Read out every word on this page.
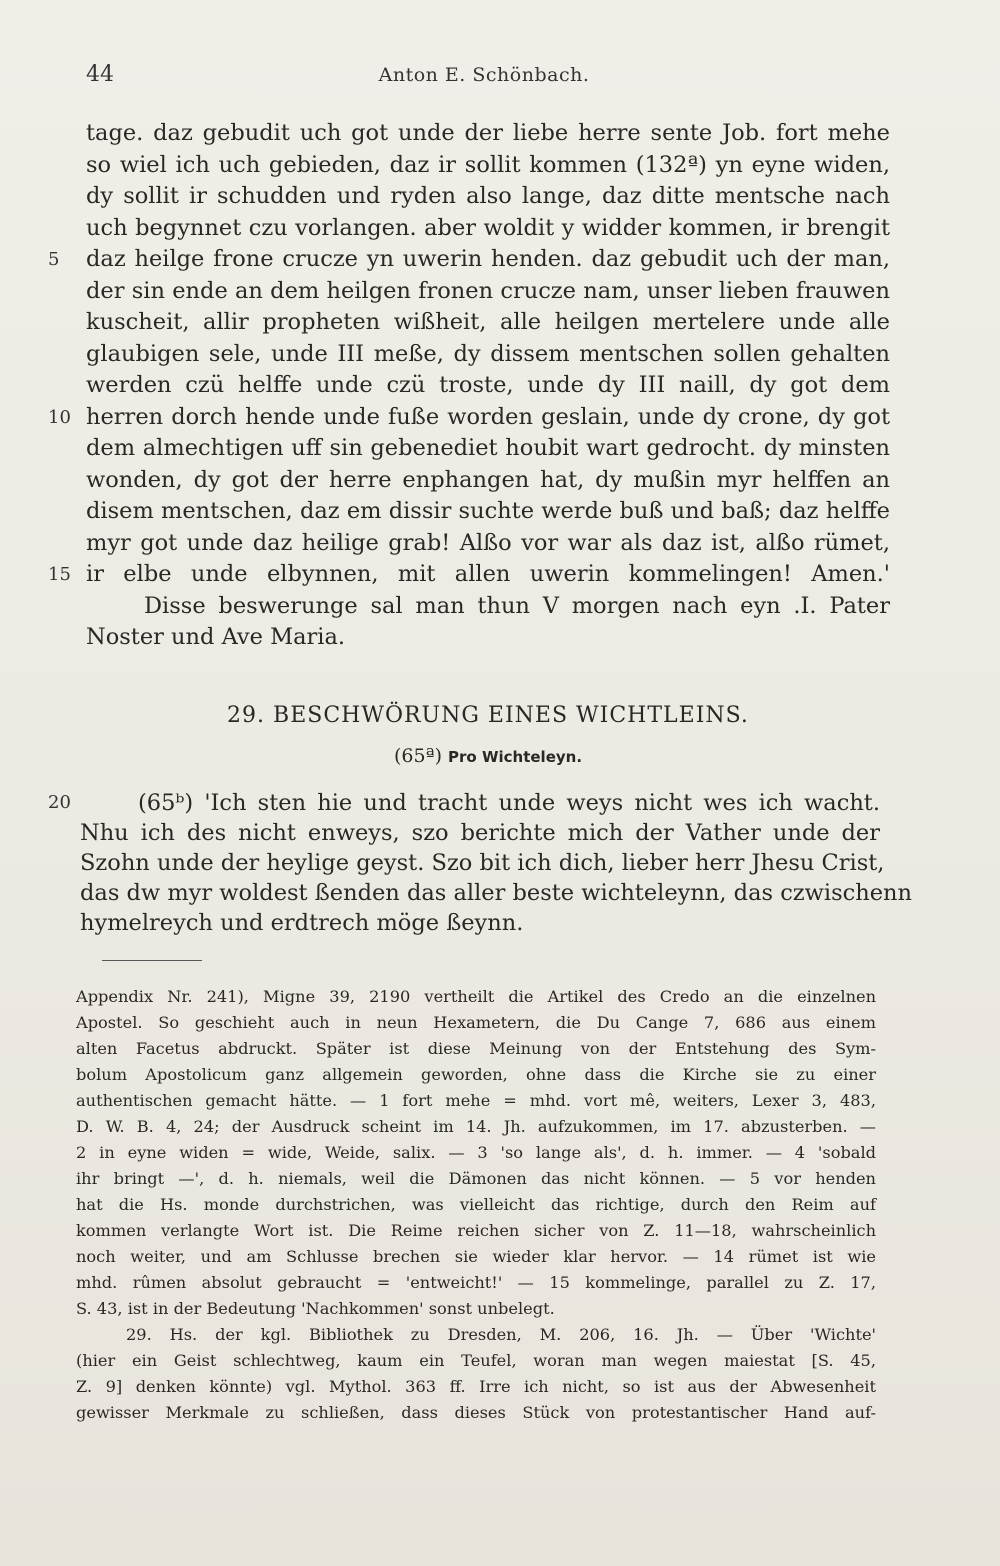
44	Anton E. Schönbach.
tage. daz gebudit uch got unde der liebe herre sente Job. fort mehe
so wiel ich uch gebieden, daz ir sollit kommen (132ª) yn eyne widen,
dy sollit ir schudden und ryden also lange, daz ditte mentsche nach
uch begynnet czu vorlangen. aber woldit y widder kommen, ir brengit
5 daz heilge frone crucze yn uwerin henden. daz gebudit uch der man,
der sin ende an dem heilgen fronen crucze nam, unser lieben frauwen
kuscheit, allir propheten wißheit, alle heilgen mertelere unde alle
glaubigen sele, unde III meße, dy dissem mentschen sollen gehalten
werden czü helffe unde czü troste, unde dy III naill, dy got dem
10 herren dorch hende unde fuße worden geslain, unde dy crone, dy got
dem almechtigen uff sin gebenediet houbit wart gedrocht. dy minsten
wonden, dy got der herre enphangen hat, dy mußin myr helffen an
disem mentschen, daz em dissir suchte werde buß und baß; daz helffe
myr got unde daz heilige grab! Alßo vor war als daz ist, alßo rümet,
15 ir elbe unde elbynnen, mit allen uwerin kommelingen! Amen.'
Disse beswerunge sal man thun V morgen nach eyn .I. Pater
Noster und Ave Maria.
29. BESCHWÖRUNG EINES WICHTLEINS.
(65ª) Pro Wichteleyn.
20	(65ᵇ) 'Ich sten hie und tracht unde weys nicht wes ich wacht.
Nhu ich des nicht enweys, szo berichte mich der Vather unde der
Szohn unde der heylige geyst. Szo bit ich dich, lieber herr Jhesu Crist,
das dw myr woldest ßenden das aller beste wichteleynn, das czwischenn
hymelreych und erdtrech möge ßeynn.
Appendix Nr. 241), Migne 39, 2190 vertheilt die Artikel des Credo an die einzelnen
Apostel. So geschieht auch in neun Hexametern, die Du Cange 7, 686 aus einem
alten Facetus abdruckt. Später ist diese Meinung von der Entstehung des Sym-
bolum Apostolicum ganz allgemein geworden, ohne dass die Kirche sie zu einer
authentischen gemacht hätte. — 1 fort mehe = mhd. vort mê, weiters, Lexer 3, 483,
D. W. B. 4, 24; der Ausdruck scheint im 14. Jh. aufzukommen, im 17. abzusterben. —
2 in eyne widen = wide, Weide, salix. — 3 'so lange als', d. h. immer. — 4 'sobald
ihr bringt —', d. h. niemals, weil die Dämonen das nicht können. — 5 vor henden
hat die Hs. monde durchstrichen, was vielleicht das richtige, durch den Reim auf
kommen verlangte Wort ist. Die Reime reichen sicher von Z. 11—18, wahrscheinlich
noch weiter, und am Schlusse brechen sie wieder klar hervor. — 14 rümet ist wie
mhd. rûmen absolut gebraucht = 'entweicht!' — 15 kommelinge, parallel zu Z. 17,
S. 43, ist in der Bedeutung 'Nachkommen' sonst unbelegt.
29. Hs. der kgl. Bibliothek zu Dresden, M. 206, 16. Jh. — Über 'Wichte'
(hier ein Geist schlechtweg, kaum ein Teufel, woran man wegen maiestat [S. 45,
Z. 9] denken könnte) vgl. Mythol. 363 ff. Irre ich nicht, so ist aus der Abwesenheit
gewisser Merkmale zu schließen, dass dieses Stück von protestantischer Hand auf-
